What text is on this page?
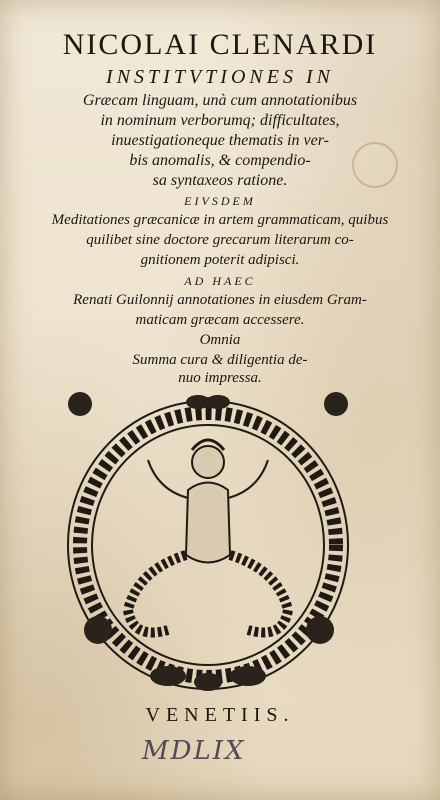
NICOLAI CLENARDI
INSTITVTIONES IN
Græcam linguam, unà cum annotationibus
in nominum verborumq; difficultates,
inuestigationeque thematis in ver-
bis anomalis, & compendio-
sa syntaxeos ratione.
EIVSDEM
Meditationes græcanicæ in artem grammaticam, quibus
quilibet sine doctore grecarum literarum co-
gnitionem poterit adipisci.
AD HAEC
Renati Guilonnij annotationes in eiusdem Gram-
maticam græcam accessere.
Omnia
Summa cura & diligentia de-
nuo impressa.
VENETIIS.
MDLIX
